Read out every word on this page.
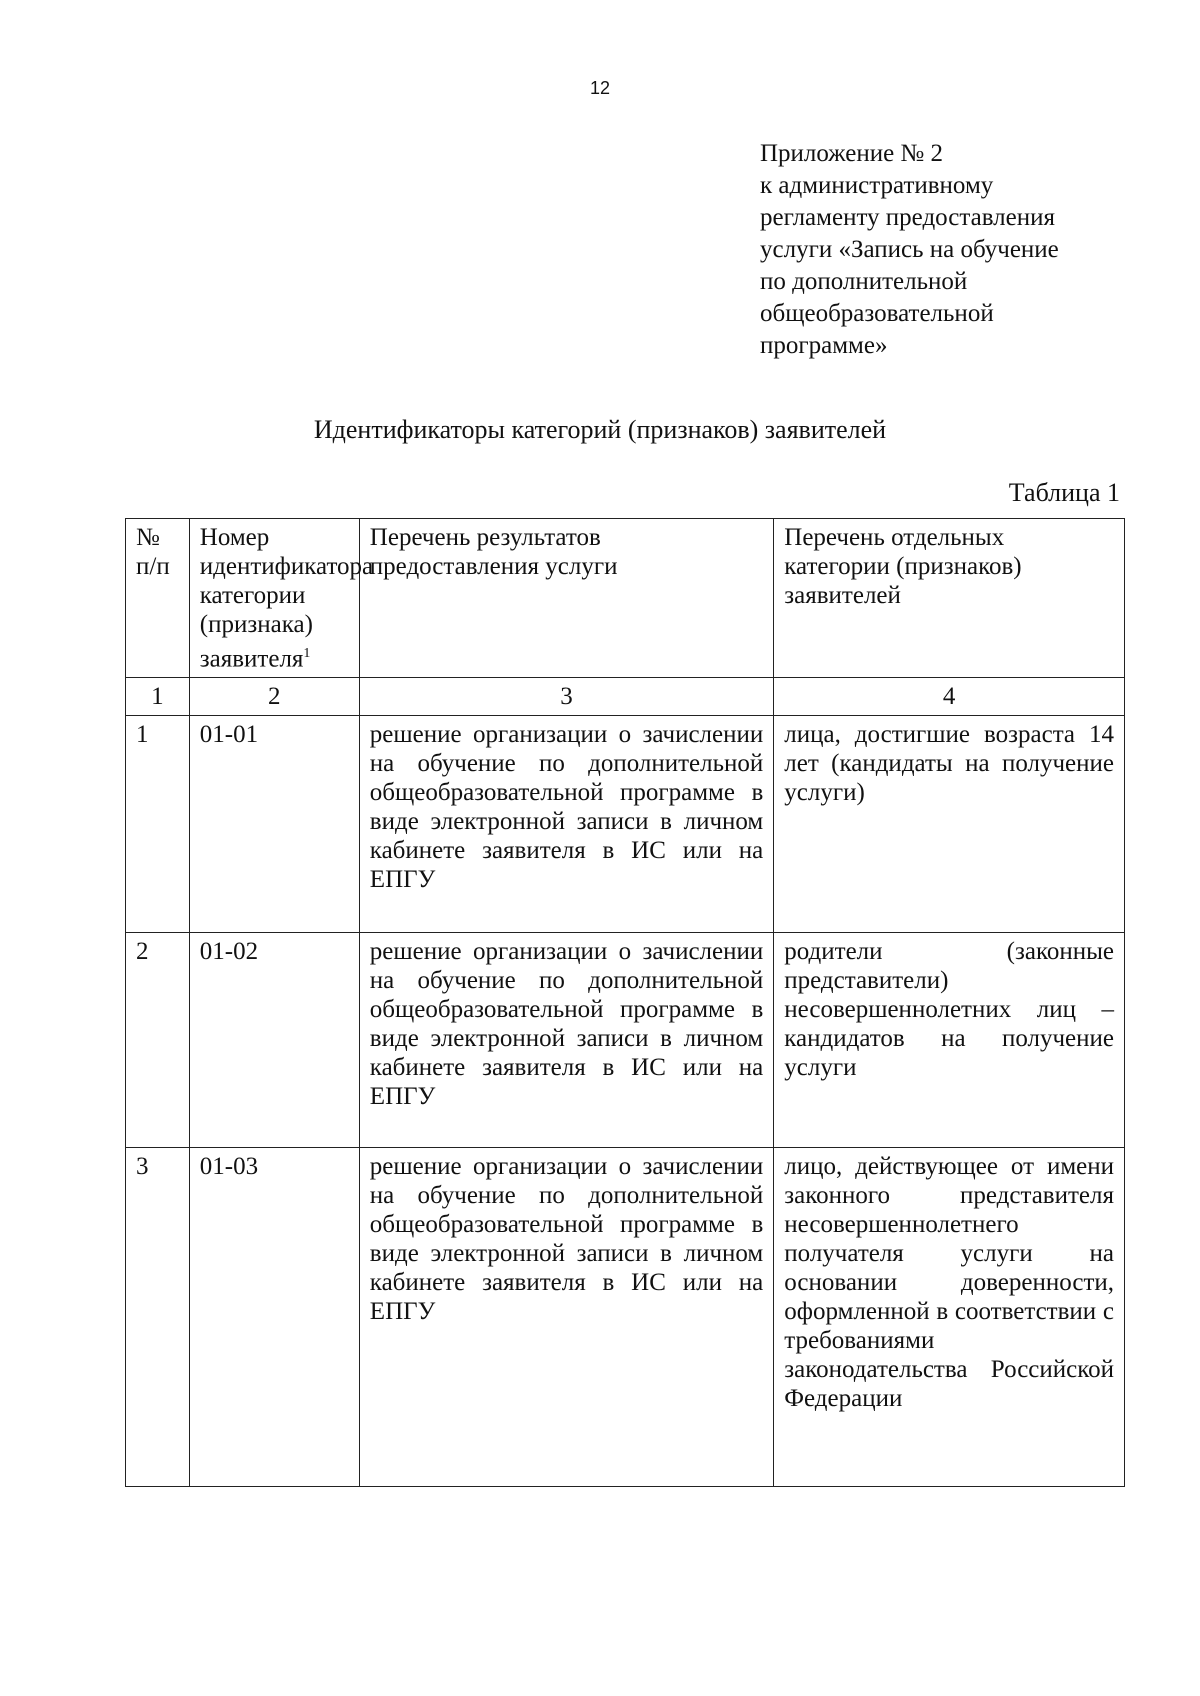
12
Приложение № 2
к административному
регламенту предоставления
услуги «Запись на обучение
по дополнительной
общеобразовательной
программе»
Идентификаторы категорий (признаков) заявителей
Таблица 1
№ п/п	Номер идентификатора категории (признака) заявителя$^1$	Перечень результатов предоставления услуги	Перечень отдельных категории (признаков) заявителей
1	2	3	4
1	01-01	решение организации о зачислении на обучение по дополнительной общеобразовательной программе в виде электронной записи в личном кабинете заявителя в ИС или на ЕПГУ	лица, достигшие возраста 14 лет (кандидаты на получение услуги)
2	01-02	решение организации о зачислении на обучение по дополнительной общеобразовательной программе в виде электронной записи в личном кабинете заявителя в ИС или на ЕПГУ	родители (законные представители) несовершеннолетних лиц – кандидатов на получение услуги
3	01-03	решение организации о зачислении на обучение по дополнительной общеобразовательной программе в виде электронной записи в личном кабинете заявителя в ИС или на ЕПГУ	лицо, действующее от имени законного представителя несовершеннолетнего получателя услуги на основании доверенности, оформленной в соответствии с требованиями законодательства Российской Федерации
